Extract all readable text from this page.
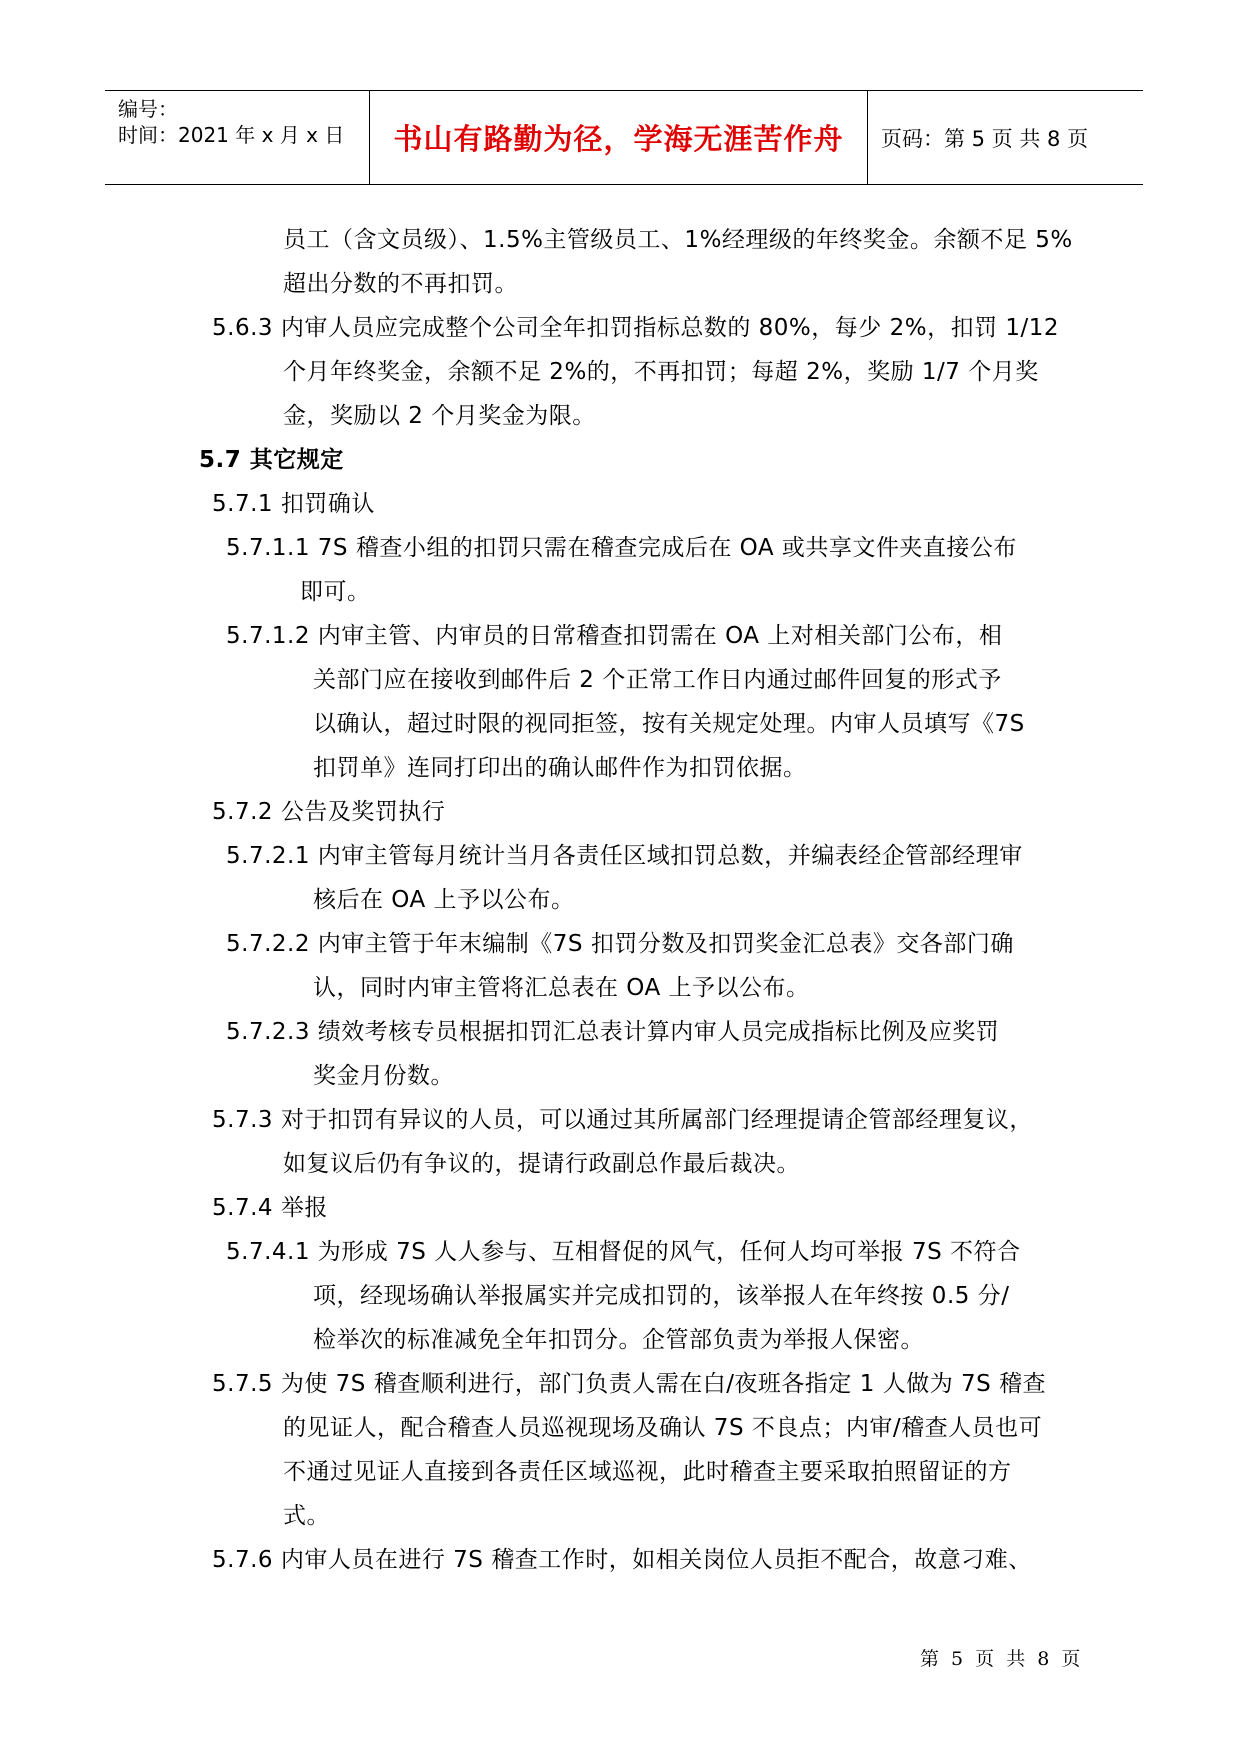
编号：
时间：2021 年 x 月 x 日	书山有路勤为径，学海无涯苦作舟	页码：第 5 页 共 8 页
员工（含文员级）、1.5%主管级员工、1%经理级的年终奖金。余额不足 5%
超出分数的不再扣罚。
5.6.3 内审人员应完成整个公司全年扣罚指标总数的 80%，每少 2%，扣罚 1/12
个月年终奖金，余额不足 2%的，不再扣罚；每超 2%，奖励 1/7 个月奖
金，奖励以 2 个月奖金为限。
5.7 其它规定
5.7.1 扣罚确认
5.7.1.1 7S 稽查小组的扣罚只需在稽查完成后在 OA 或共享文件夹直接公布
即可。
5.7.1.2 内审主管、内审员的日常稽查扣罚需在 OA 上对相关部门公布，相
关部门应在接收到邮件后 2 个正常工作日内通过邮件回复的形式予
以确认，超过时限的视同拒签，按有关规定处理。内审人员填写《7S
扣罚单》连同打印出的确认邮件作为扣罚依据。
5.7.2 公告及奖罚执行
5.7.2.1 内审主管每月统计当月各责任区域扣罚总数，并编表经企管部经理审
核后在 OA 上予以公布。
5.7.2.2 内审主管于年末编制《7S 扣罚分数及扣罚奖金汇总表》交各部门确
认，同时内审主管将汇总表在 OA 上予以公布。
5.7.2.3 绩效考核专员根据扣罚汇总表计算内审人员完成指标比例及应奖罚
奖金月份数。
5.7.3 对于扣罚有异议的人员，可以通过其所属部门经理提请企管部经理复议，
如复议后仍有争议的，提请行政副总作最后裁决。
5.7.4 举报
5.7.4.1 为形成 7S 人人参与、互相督促的风气，任何人均可举报 7S 不符合
项，经现场确认举报属实并完成扣罚的，该举报人在年终按 0.5 分/
检举次的标准减免全年扣罚分。企管部负责为举报人保密。
5.7.5 为使 7S 稽查顺利进行，部门负责人需在白/夜班各指定 1 人做为 7S 稽查
的见证人，配合稽查人员巡视现场及确认 7S 不良点；内审/稽查人员也可
不通过见证人直接到各责任区域巡视，此时稽查主要采取拍照留证的方
式。
5.7.6 内审人员在进行 7S 稽查工作时，如相关岗位人员拒不配合，故意刁难、
第 5 页 共 8 页
